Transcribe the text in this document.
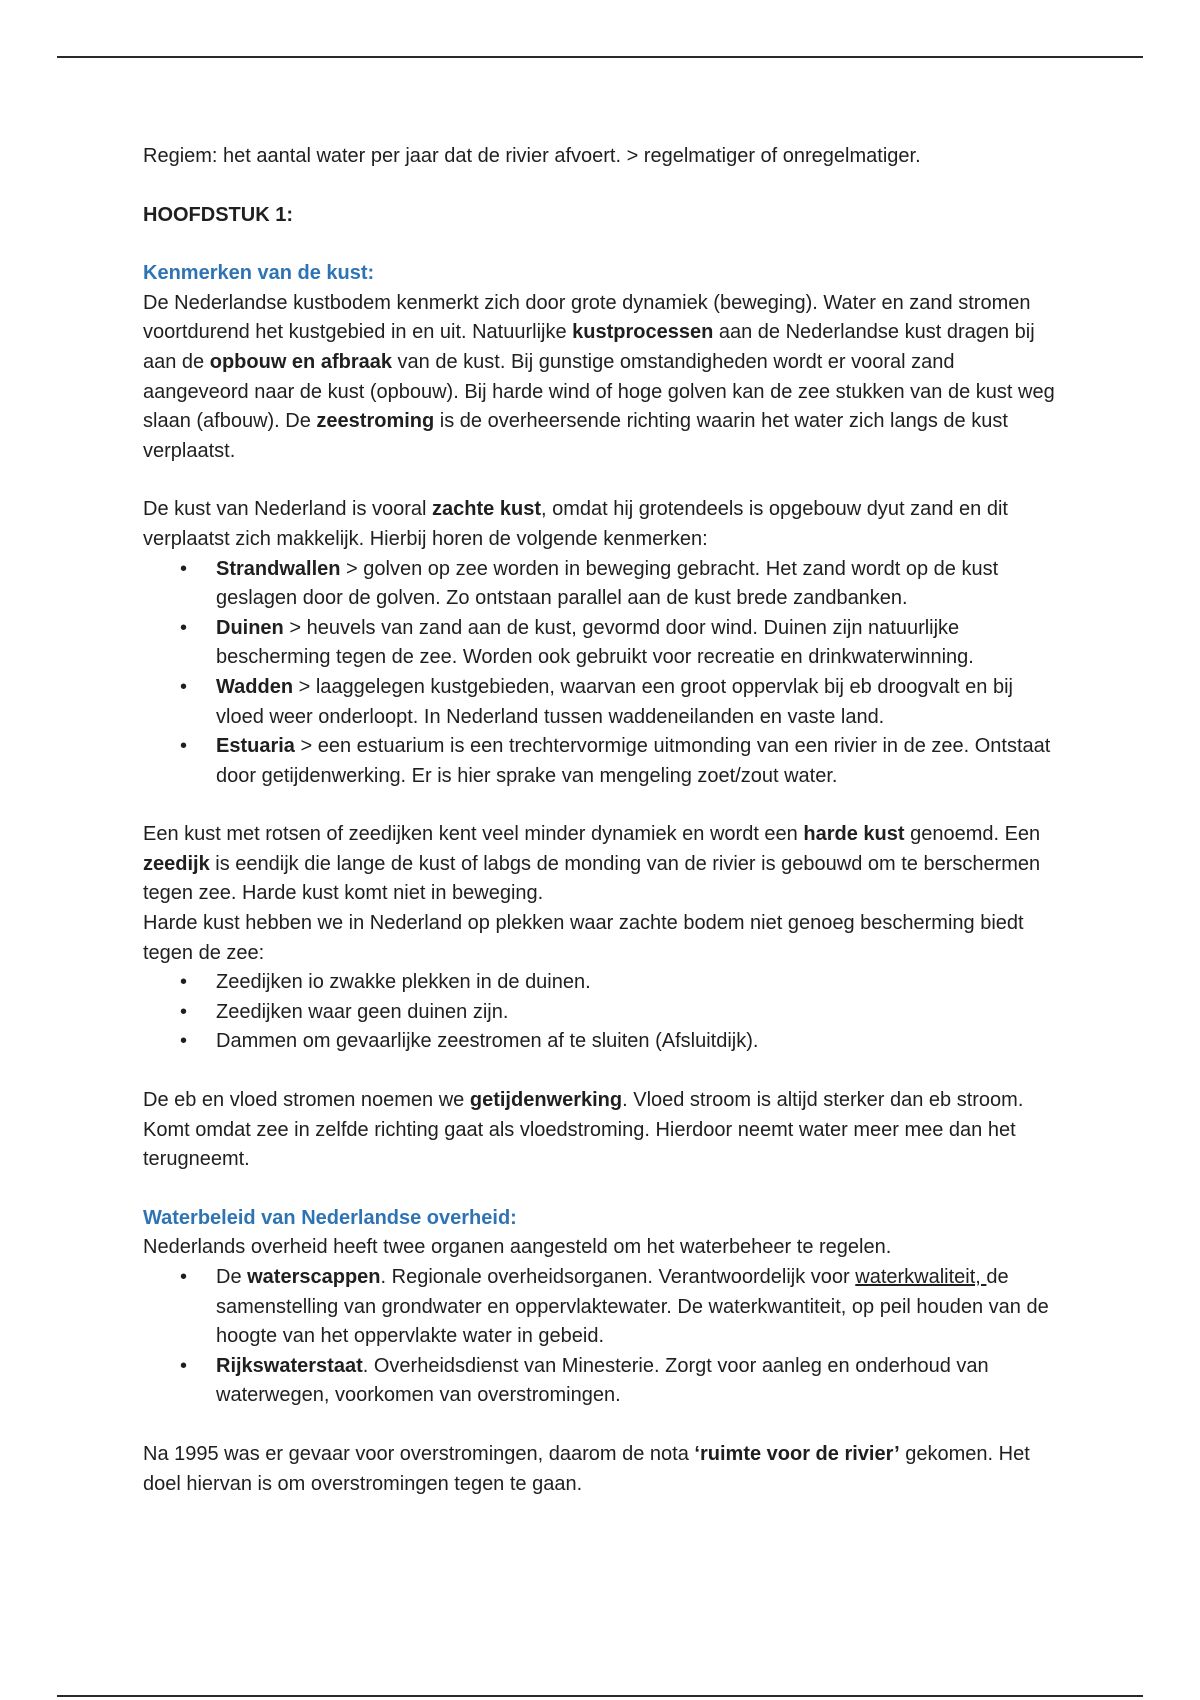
Regiem: het aantal water per jaar dat de rivier afvoert. > regelmatiger of onregelmatiger.

HOOFDSTUK 1:

Kenmerken van de kust:

De Nederlandse kustbodem kenmerkt zich door grote dynamiek (beweging). Water en zand stromen voortdurend het kustgebied in en uit. Natuurlijke kustprocessen aan de Nederlandse kust dragen bij aan de opbouw en afbraak van de kust. Bij gunstige omstandigheden wordt er vooral zand aangeveord naar de kust (opbouw). Bij harde wind of hoge golven kan de zee stukken van de kust weg slaan (afbouw). De zeestroming is de overheersende richting waarin het water zich langs de kust verplaatst.

De kust van Nederland is vooral zachte kust, omdat hij grotendeels is opgebouw dyut zand en dit verplaatst zich makkelijk. Hierbij horen de volgende kenmerken:

• Strandwallen > golven op zee worden in beweging gebracht. Het zand wordt op de kust geslagen door de golven. Zo ontstaan parallel aan de kust brede zandbanken.
• Duinen > heuvels van zand aan de kust, gevormd door wind. Duinen zijn natuurlijke bescherming tegen de zee. Worden ook gebruikt voor recreatie en drinkwaterwinning.
• Wadden > laaggelegen kustgebieden, waarvan een groot oppervlak bij eb droogvalt en bij vloed weer onderloopt. In Nederland tussen waddeneilanden en vaste land.
• Estuaria > een estuarium is een trechtervormige uitmonding van een rivier in de zee. Ontstaat door getijdenwerking. Er is hier sprake van mengeling zoet/zout water.

Een kust met rotsen of zeedijken kent veel minder dynamiek en wordt een harde kust genoemd. Een zeedijk is eendijk die lange de kust of labgs de monding van de rivier is gebouwd om te berschermen tegen zee. Harde kust komt niet in beweging.

Harde kust hebben we in Nederland op plekken waar zachte bodem niet genoeg bescherming biedt tegen de zee:

• Zeedijken io zwakke plekken in de duinen.
• Zeedijken waar geen duinen zijn.
• Dammen om gevaarlijke zeestromen af te sluiten (Afsluitdijk).

De eb en vloed stromen noemen we getijdenwerking. Vloed stroom is altijd sterker dan eb stroom. Komt omdat zee in zelfde richting gaat als vloedstroming. Hierdoor neemt water meer mee dan het terugneemt.

Waterbeleid van Nederlandse overheid:

Nederlands overheid heeft twee organen aangesteld om het waterbeheer te regelen.

• De waterscappen. Regionale overheidsorganen. Verantwoordelijk voor waterkwaliteit, de samenstelling van grondwater en oppervlaktewater. De waterkwantiteit, op peil houden van de hoogte van het oppervlakte water in gebeid.
• Rijkswaterstaat. Overheidsdienst van Minesterie. Zorgt voor aanleg en onderhoud van waterwegen, voorkomen van overstromingen.

Na 1995 was er gevaar voor overstromingen, daarom de nota ‘ruimte voor de rivier’ gekomen. Het doel hiervan is om overstromingen tegen te gaan.
